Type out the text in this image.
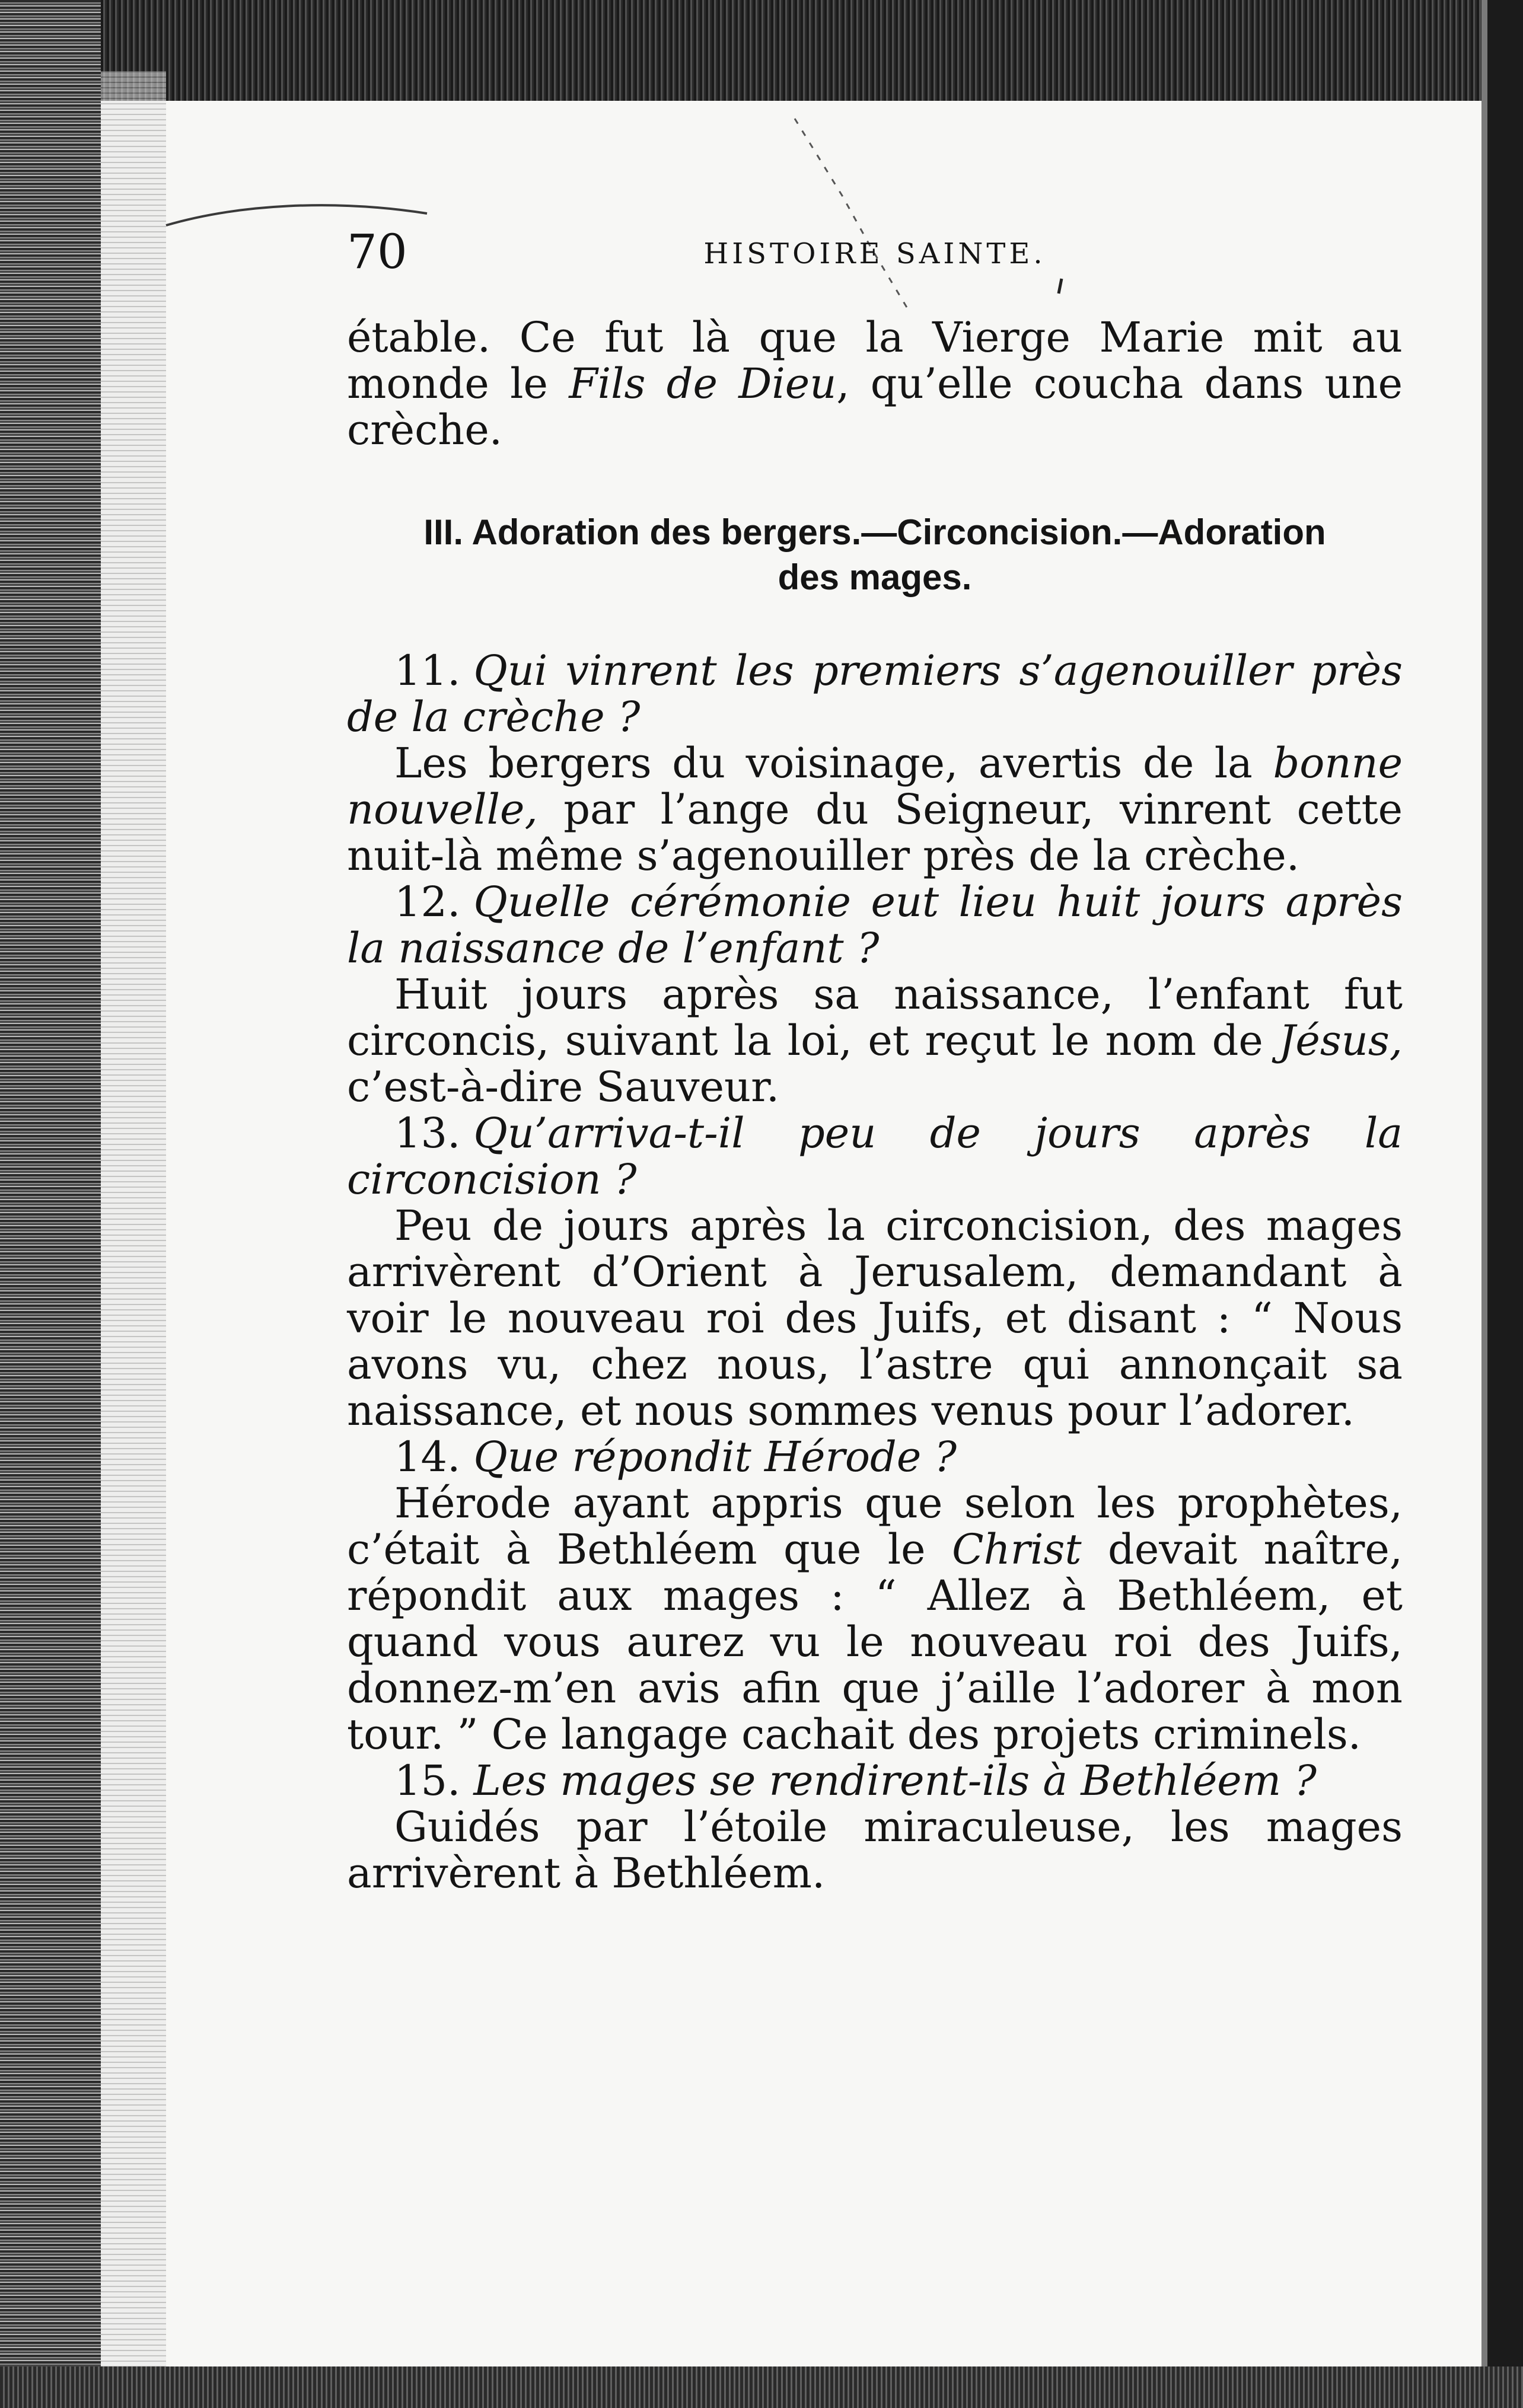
70	HISTOIRE SAINTE.

étable. Ce fut là que la Vierge Marie mit au monde le Fils de Dieu, qu’elle coucha dans une crèche.

III. Adoration des bergers.—Circoncision.—Adoration
des mages.

11. Qui vinrent les premiers s’agenouiller près de la crèche ?

Les bergers du voisinage, avertis de la bonne nouvelle, par l’ange du Seigneur, vinrent cette nuit-là même s’agenouiller près de la crèche.

12. Quelle cérémonie eut lieu huit jours après la naissance de l’enfant ?

Huit jours après sa naissance, l’enfant fut circoncis, suivant la loi, et reçut le nom de Jésus, c’est-à-dire Sauveur.

13. Qu’arriva-t-il peu de jours après la circoncision ?

Peu de jours après la circoncision, des mages arrivèrent d’Orient à Jerusalem, demandant à voir le nouveau roi des Juifs, et disant : “ Nous avons vu, chez nous, l’astre qui annonçait sa naissance, et nous sommes venus pour l’adorer.

14. Que répondit Hérode ?

Hérode ayant appris que selon les prophètes, c’était à Bethléem que le Christ devait naître, répondit aux mages : “ Allez à Bethléem, et quand vous aurez vu le nouveau roi des Juifs, donnez-m’en avis afin que j’aille l’adorer à mon tour. ” Ce langage cachait des projets criminels.

15. Les mages se rendirent-ils à Bethléem ?

Guidés par l’étoile miraculeuse, les mages arrivèrent à Bethléem.
